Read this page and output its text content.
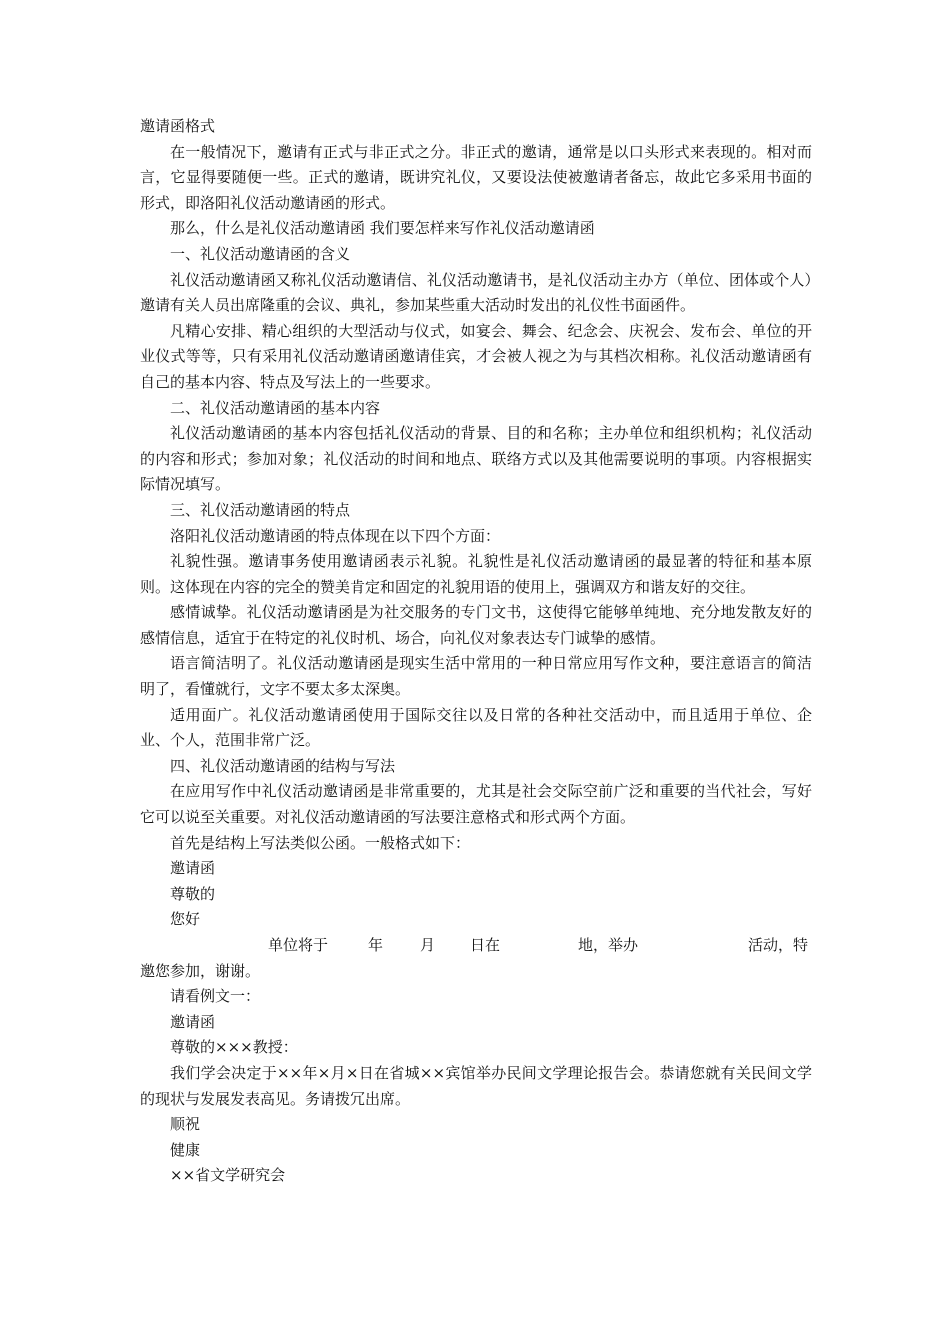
邀请函格式

在一般情况下，邀请有正式与非正式之分。非正式的邀请，通常是以口头形式来表现的。相对而言，它显得要随便一些。正式的邀请，既讲究礼仪，又要设法使被邀请者备忘，故此它多采用书面的形式，即洛阳礼仪活动邀请函的形式。

那么，什么是礼仪活动邀请函 我们要怎样来写作礼仪活动邀请函

一、礼仪活动邀请函的含义

礼仪活动邀请函又称礼仪活动邀请信、礼仪活动邀请书，是礼仪活动主办方（单位、团体或个人）邀请有关人员出席隆重的会议、典礼，参加某些重大活动时发出的礼仪性书面函件。

凡精心安排、精心组织的大型活动与仪式，如宴会、舞会、纪念会、庆祝会、发布会、单位的开业仪式等等，只有采用礼仪活动邀请函邀请佳宾，才会被人视之为与其档次相称。礼仪活动邀请函有自己的基本内容、特点及写法上的一些要求。

二、礼仪活动邀请函的基本内容

礼仪活动邀请函的基本内容包括礼仪活动的背景、目的和名称；主办单位和组织机构；礼仪活动的内容和形式；参加对象；礼仪活动的时间和地点、联络方式以及其他需要说明的事项。内容根据实际情况填写。

三、礼仪活动邀请函的特点

洛阳礼仪活动邀请函的特点体现在以下四个方面：

礼貌性强。邀请事务使用邀请函表示礼貌。礼貌性是礼仪活动邀请函的最显著的特征和基本原则。这体现在内容的完全的赞美肯定和固定的礼貌用语的使用上，强调双方和谐友好的交往。

感情诚挚。礼仪活动邀请函是为社交服务的专门文书，这使得它能够单纯地、充分地发散友好的感情信息，适宜于在特定的礼仪时机、场合，向礼仪对象表达专门诚挚的感情。

语言简洁明了。礼仪活动邀请函是现实生活中常用的一种日常应用写作文种，要注意语言的简洁明了，看懂就行，文字不要太多太深奥。

适用面广。礼仪活动邀请函使用于国际交往以及日常的各种社交活动中，而且适用于单位、企业、个人，范围非常广泛。

四、礼仪活动邀请函的结构与写法

在应用写作中礼仪活动邀请函是非常重要的，尤其是社会交际空前广泛和重要的当代社会，写好它可以说至关重要。对礼仪活动邀请函的写法要注意格式和形式两个方面。

首先是结构上写法类似公函。一般格式如下：

邀请函

尊敬的

您好

单位将于	年 月 日在	地，举办	活动，特

邀您参加，谢谢。

请看例文一：

邀请函

尊敬的×××教授：

我们学会决定于××年×月×日在省城××宾馆举办民间文学理论报告会。恭请您就有关民间文学的现状与发展发表高见。务请拨冗出席。

顺祝

健康

××省文学研究会
